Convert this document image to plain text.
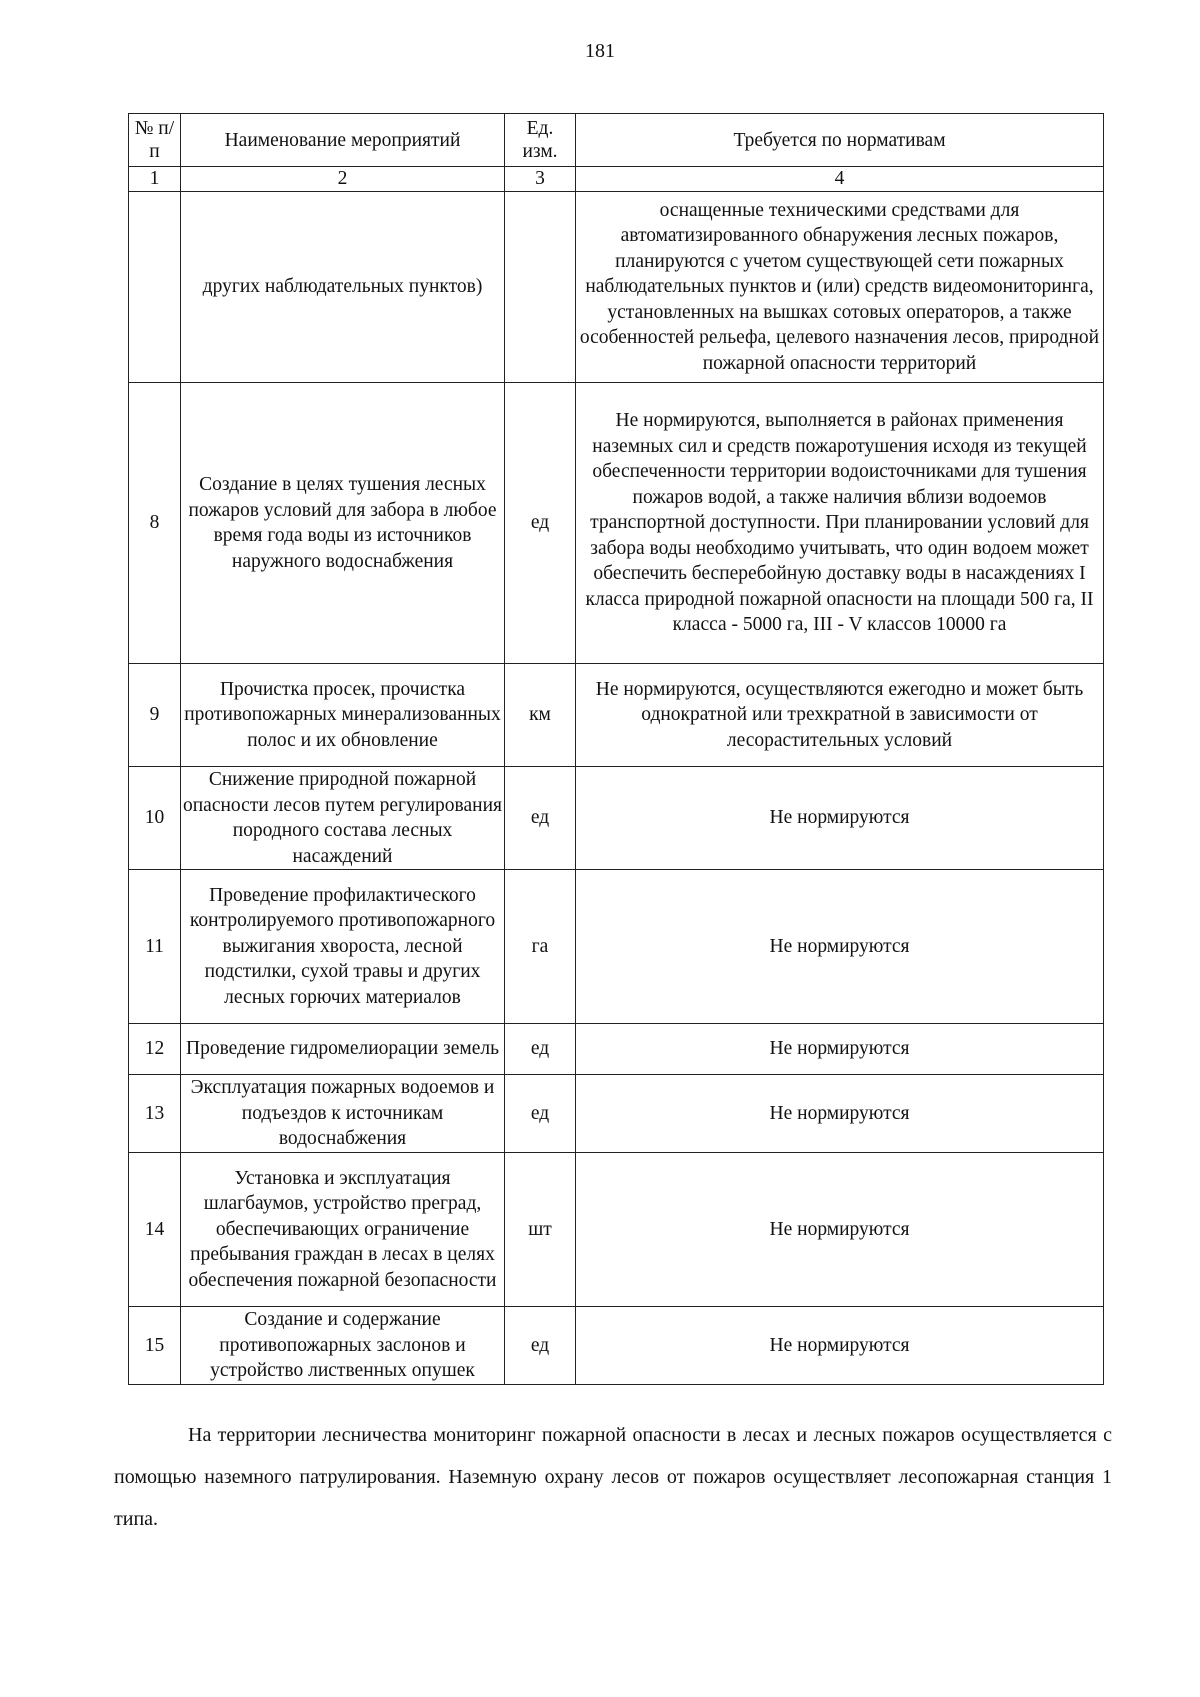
181
№ п/п	Наименование мероприятий	Ед. изм.	Требуется по нормативам
1	2	3	4
	других наблюдательных пунктов)		оснащенные техническими средствами для автоматизированного обнаружения лесных пожаров, планируются с учетом существующей сети пожарных наблюдательных пунктов и (или) средств видеомониторинга, установленных на вышках сотовых операторов, а также особенностей рельефа, целевого назначения лесов, природной пожарной опасности территорий
8	Создание в целях тушения лесных пожаров условий для забора в любое время года воды из источников наружного водоснабжения	ед	Не нормируются, выполняется в районах применения наземных сил и средств пожаротушения исходя из текущей обеспеченности территории водоисточниками для тушения пожаров водой, а также наличия вблизи водоемов транспортной доступности. При планировании условий для забора воды необходимо учитывать, что один водоем может обеспечить бесперебойную доставку воды в насаждениях I класса природной пожарной опасности на площади 500 га, II класса - 5000 га, III - V классов 10000 га
9	Прочистка просек, прочистка противопожарных минерализованных полос и их обновление	км	Не нормируются, осуществляются ежегодно и может быть однократной или трехкратной в зависимости от лесорастительных условий
10	Снижение природной пожарной опасности лесов путем регулирования породного состава лесных насаждений	ед	Не нормируются
11	Проведение профилактического контролируемого противопожарного выжигания хвороста, лесной подстилки, сухой травы и других лесных горючих материалов	га	Не нормируются
12	Проведение гидромелиорации земель	ед	Не нормируются
13	Эксплуатация пожарных водоемов и подъездов к источникам водоснабжения	ед	Не нормируются
14	Установка и эксплуатация шлагбаумов, устройство преград, обеспечивающих ограничение пребывания граждан в лесах в целях обеспечения пожарной безопасности	шт	Не нормируются
15	Создание и содержание противопожарных заслонов и устройство лиственных опушек	ед	Не нормируются

На территории лесничества мониторинг пожарной опасности в лесах и лесных пожаров осуществляется с помощью наземного патрулирования. Наземную охрану лесов от пожаров осуществляет лесопожарная станция 1 типа.
